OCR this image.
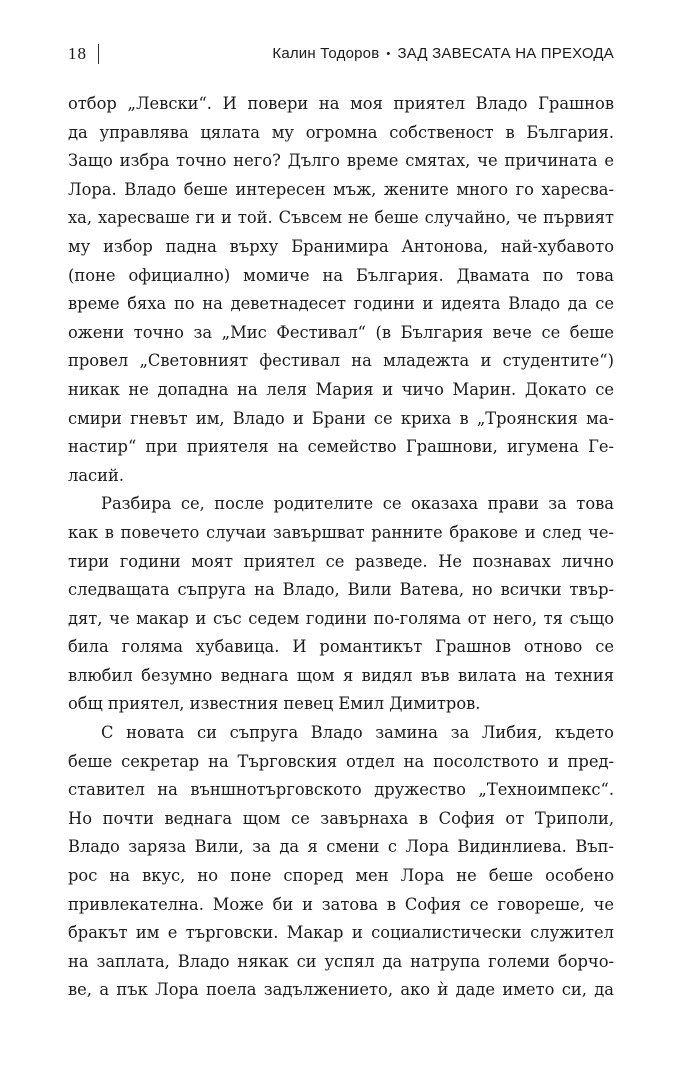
18	Калин Тодоров • ЗАД ЗАВЕСАТА НА ПРЕХОДА
отбор „Левски“. И повери на моя приятел Владо Грашнов
да управлява цялата му огромна собственост в България.
Защо избра точно него? Дълго време смятах, че причината е
Лора. Владо беше интересен мъж, жените много го харесва-
ха, харесваше ги и той. Съвсем не беше случайно, че първият
му избор падна върху Бранимира Антонова, най-хубавото
(поне официално) момиче на България. Двамата по това
време бяха по на деветнадесет години и идеята Владо да се
ожени точно за „Мис Фестивал“ (в България вече се беше
провел „Световният фестивал на младежта и студентите“)
никак не допадна на леля Мария и чичо Марин. Докато се
смири гневът им, Владо и Брани се криха в „Троянския ма-
настир“ при приятеля на семейство Грашнови, игумена Ге-
ласий.
Разбира се, после родителите се оказаха прави за това
как в повечето случаи завършват ранните бракове и след че-
тири години моят приятел се разведе. Не познавах лично
следващата съпруга на Владо, Вили Ватева, но всички твър-
дят, че макар и със седем години по-голяма от него, тя също
била голяма хубавица. И романтикът Грашнов отново се
влюбил безумно веднага щом я видял във вилата на техния
общ приятел, известния певец Емил Димитров.
С новата си съпруга Владо замина за Либия, където
беше секретар на Търговския отдел на посолството и пред-
ставител на външнотърговското дружество „Техноимпекс“.
Но почти веднага щом се завърнаха в София от Триполи,
Владо заряза Вили, за да я смени с Лора Видинлиева. Въп-
рос на вкус, но поне според мен Лора не беше особено
привлекателна. Може би и затова в София се говореше, че
бракът им е търговски. Макар и социалистически служител
на заплата, Владо някак си успял да натрупа големи борчо-
ве, а пък Лора поела задължението, ако ѝ даде името си, да
